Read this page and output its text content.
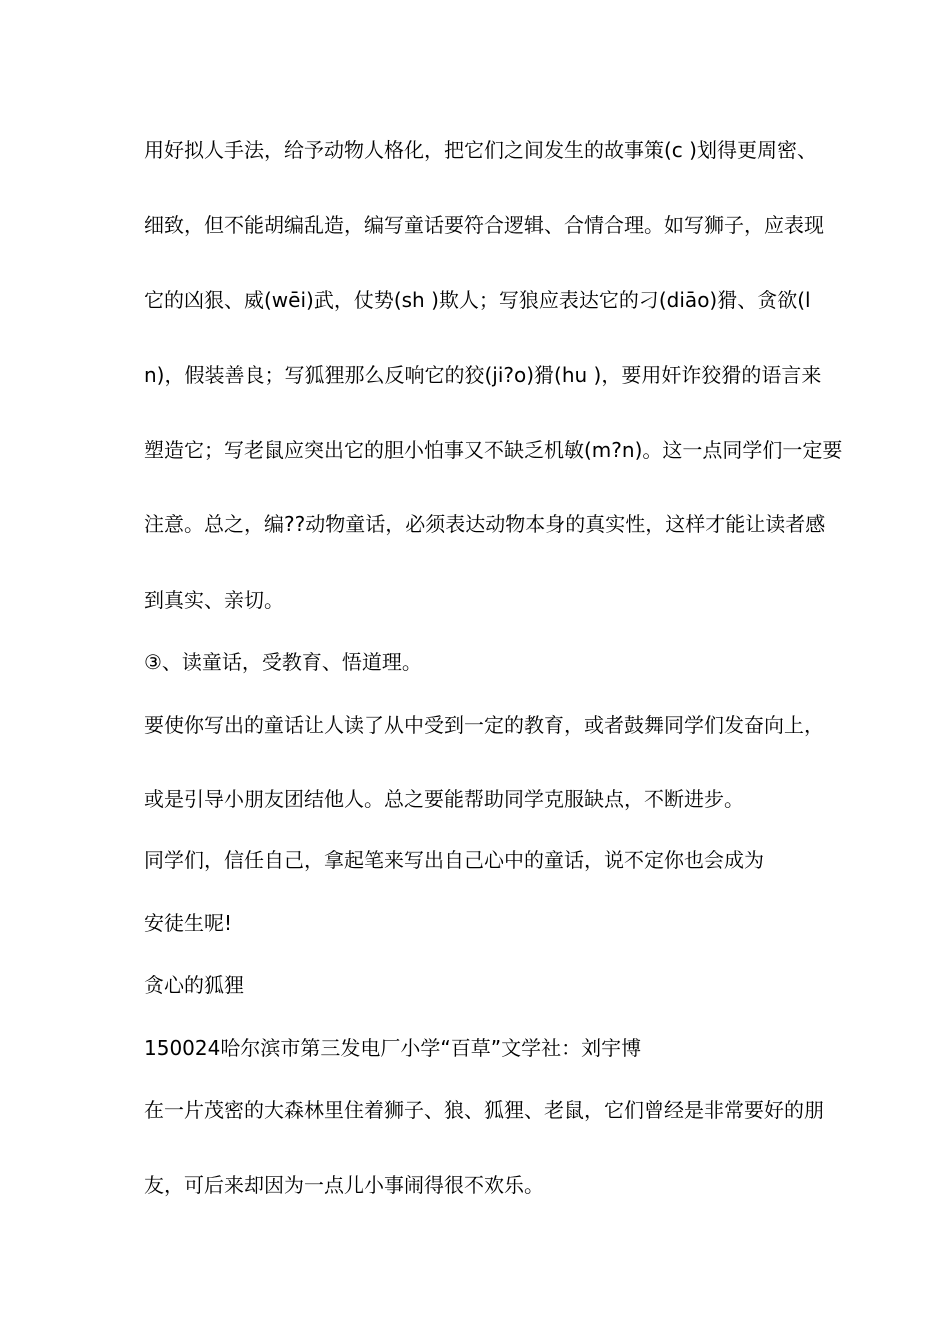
用好拟人手法，给予动物人格化，把它们之间发生的故事策(c )划得更周密、
细致，但不能胡编乱造，编写童话要符合逻辑、合情合理。如写狮子，应表现
它的凶狠、威(wēi)武，仗势(sh )欺人；写狼应表达它的刁(diāo)猾、贪欲(l
n)，假装善良；写狐狸那么反响它的狡(ji?o)猾(hu )，要用奸诈狡猾的语言来
塑造它；写老鼠应突出它的胆小怕事又不缺乏机敏(m?n)。这一点同学们一定要
注意。总之，编??动物童话，必须表达动物本身的真实性，这样才能让读者感
到真实、亲切。
③、读童话，受教育、悟道理。
要使你写出的童话让人读了从中受到一定的教育，或者鼓舞同学们发奋向上，
或是引导小朋友团结他人。总之要能帮助同学克服缺点，不断进步。
同学们，信任自己，拿起笔来写出自己心中的童话，说不定你也会成为
安徒生呢!
贪心的狐狸
150024哈尔滨市第三发电厂小学“百草”文学社：刘宇博
在一片茂密的大森林里住着狮子、狼、狐狸、老鼠，它们曾经是非常要好的朋
友，可后来却因为一点儿小事闹得很不欢乐。
